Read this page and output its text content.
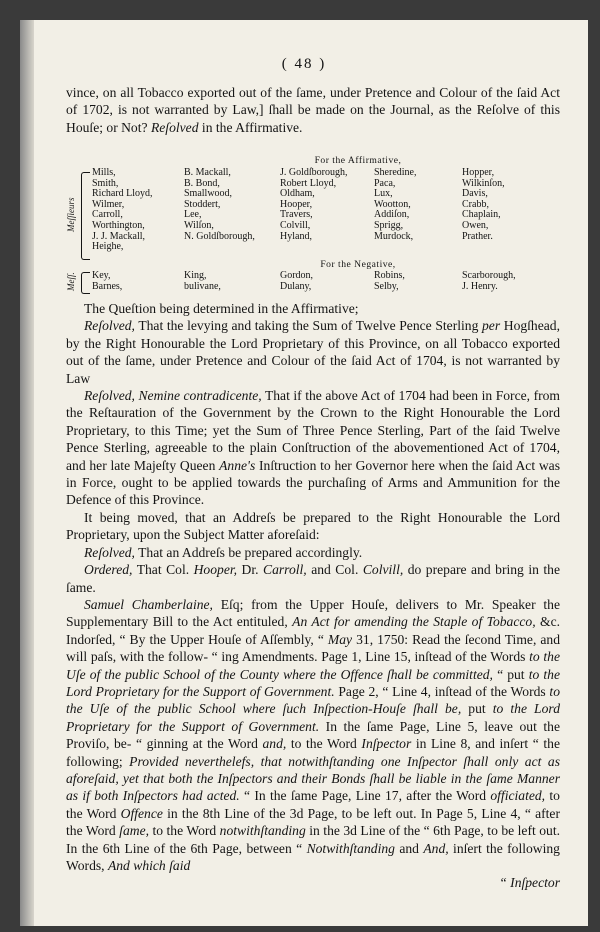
( 48 )

vince, on all Tobacco exported out of the ſame, under Pretence and Colour of the ſaid Act of 1702, is not warranted by Law,] ſhall be made on the Journal, as the Reſolve of this Houſe; or Not? Reſolved in the Affirmative.

For the Affirmative,
Meſſieurs
Mills,
Smith,
Richard Lloyd,
Wilmer,
Carroll,
Worthington,
J. J. Mackall,
Heighe,
B. Mackall,
B. Bond,
Smallwood,
Stoddert,
Lee,
Wilſon,
N. Goldſborough,
J. Goldſborough,
Robert Lloyd,
Oldham,
Hooper,
Travers,
Colvill,
Hyland,
Sheredine,
Paca,
Lux,
Wootton,
Addiſon,
Sprigg,
Murdock,
Hopper,
Wilkinſon,
Davis,
Crabb,
Chaplain,
Owen,
Prather.
For the Negative,
Meſſ.	Key,
Barnes,
King,
bulivane,
Gordon,
Dulany,
Robins,
Selby,
Scarborough,
J. Henry.

The Queſtion being determined in the Affirmative;

Reſolved, That the levying and taking the Sum of Twelve Pence Sterling per Hogſhead, by the Right Honourable the Lord Proprietary of this Province, on all Tobacco exported out of the ſame, under Pretence and Colour of the ſaid Act of 1704, is not warranted by Law

Reſolved, Nemine contradicente, That if the above Act of 1704 had been in Force, from the Reſtauration of the Government by the Crown to the Right Honourable the Lord Proprietary, to this Time; yet the Sum of Three Pence Sterling, Part of the ſaid Twelve Pence Sterling, agreeable to the plain Conſtruction of the abovementioned Act of 1704, and her late Majeſty Queen Anne's Inſtruction to her Governor here when the ſaid Act was in Force, ought to be applied towards the purchaſing of Arms and Ammunition for the Defence of this Province.

It being moved, that an Addreſs be prepared to the Right Honourable the Lord Proprietary, upon the Subject Matter aforeſaid:

Reſolved, That an Addreſs be prepared accordingly.

Ordered, That Col. Hooper, Dr. Carroll, and Col. Colvill, do prepare and bring in the ſame.

Samuel Chamberlaine, Eſq; from the Upper Houſe, delivers to Mr. Speaker the Supplementary Bill to the Act entituled, An Act for amending the Staple of Tobacco, &c. Indorſed, “ By the Upper Houſe of Aſſembly, “ May 31, 1750: Read the ſecond Time, and will paſs, with the follow- “ ing Amendments. Page 1, Line 15, inſtead of the Words to the Uſe of the public School of the County where the Offence ſhall be committed, “ put to the Lord Proprietary for the Support of Government. Page 2, “ Line 4, inſtead of the Words to the Uſe of the public School where ſuch Inſpection-Houſe ſhall be, put to the Lord Proprietary for the Support of Government. In the ſame Page, Line 5, leave out the Proviſo, be- “ ginning at the Word and, to the Word Inſpector in Line 8, and inſert “ the following; Provided neverthelefs, that notwithſtanding one Inſpector ſhall only act as aforeſaid, yet that both the Inſpectors and their Bonds ſhall be liable in the ſame Manner as if both Inſpectors had acted. “ In the ſame Page, Line 17, after the Word officiated, to the Word Offence in the 8th Line of the 3d Page, to be left out. In Page 5, Line 4, “ after the Word ſame, to the Word notwithſtanding in the 3d Line of the “ 6th Page, to be left out. In the 6th Line of the 6th Page, between “ Notwithſtanding and And, inſert the following Words, And which ſaid

“ Inſpector
